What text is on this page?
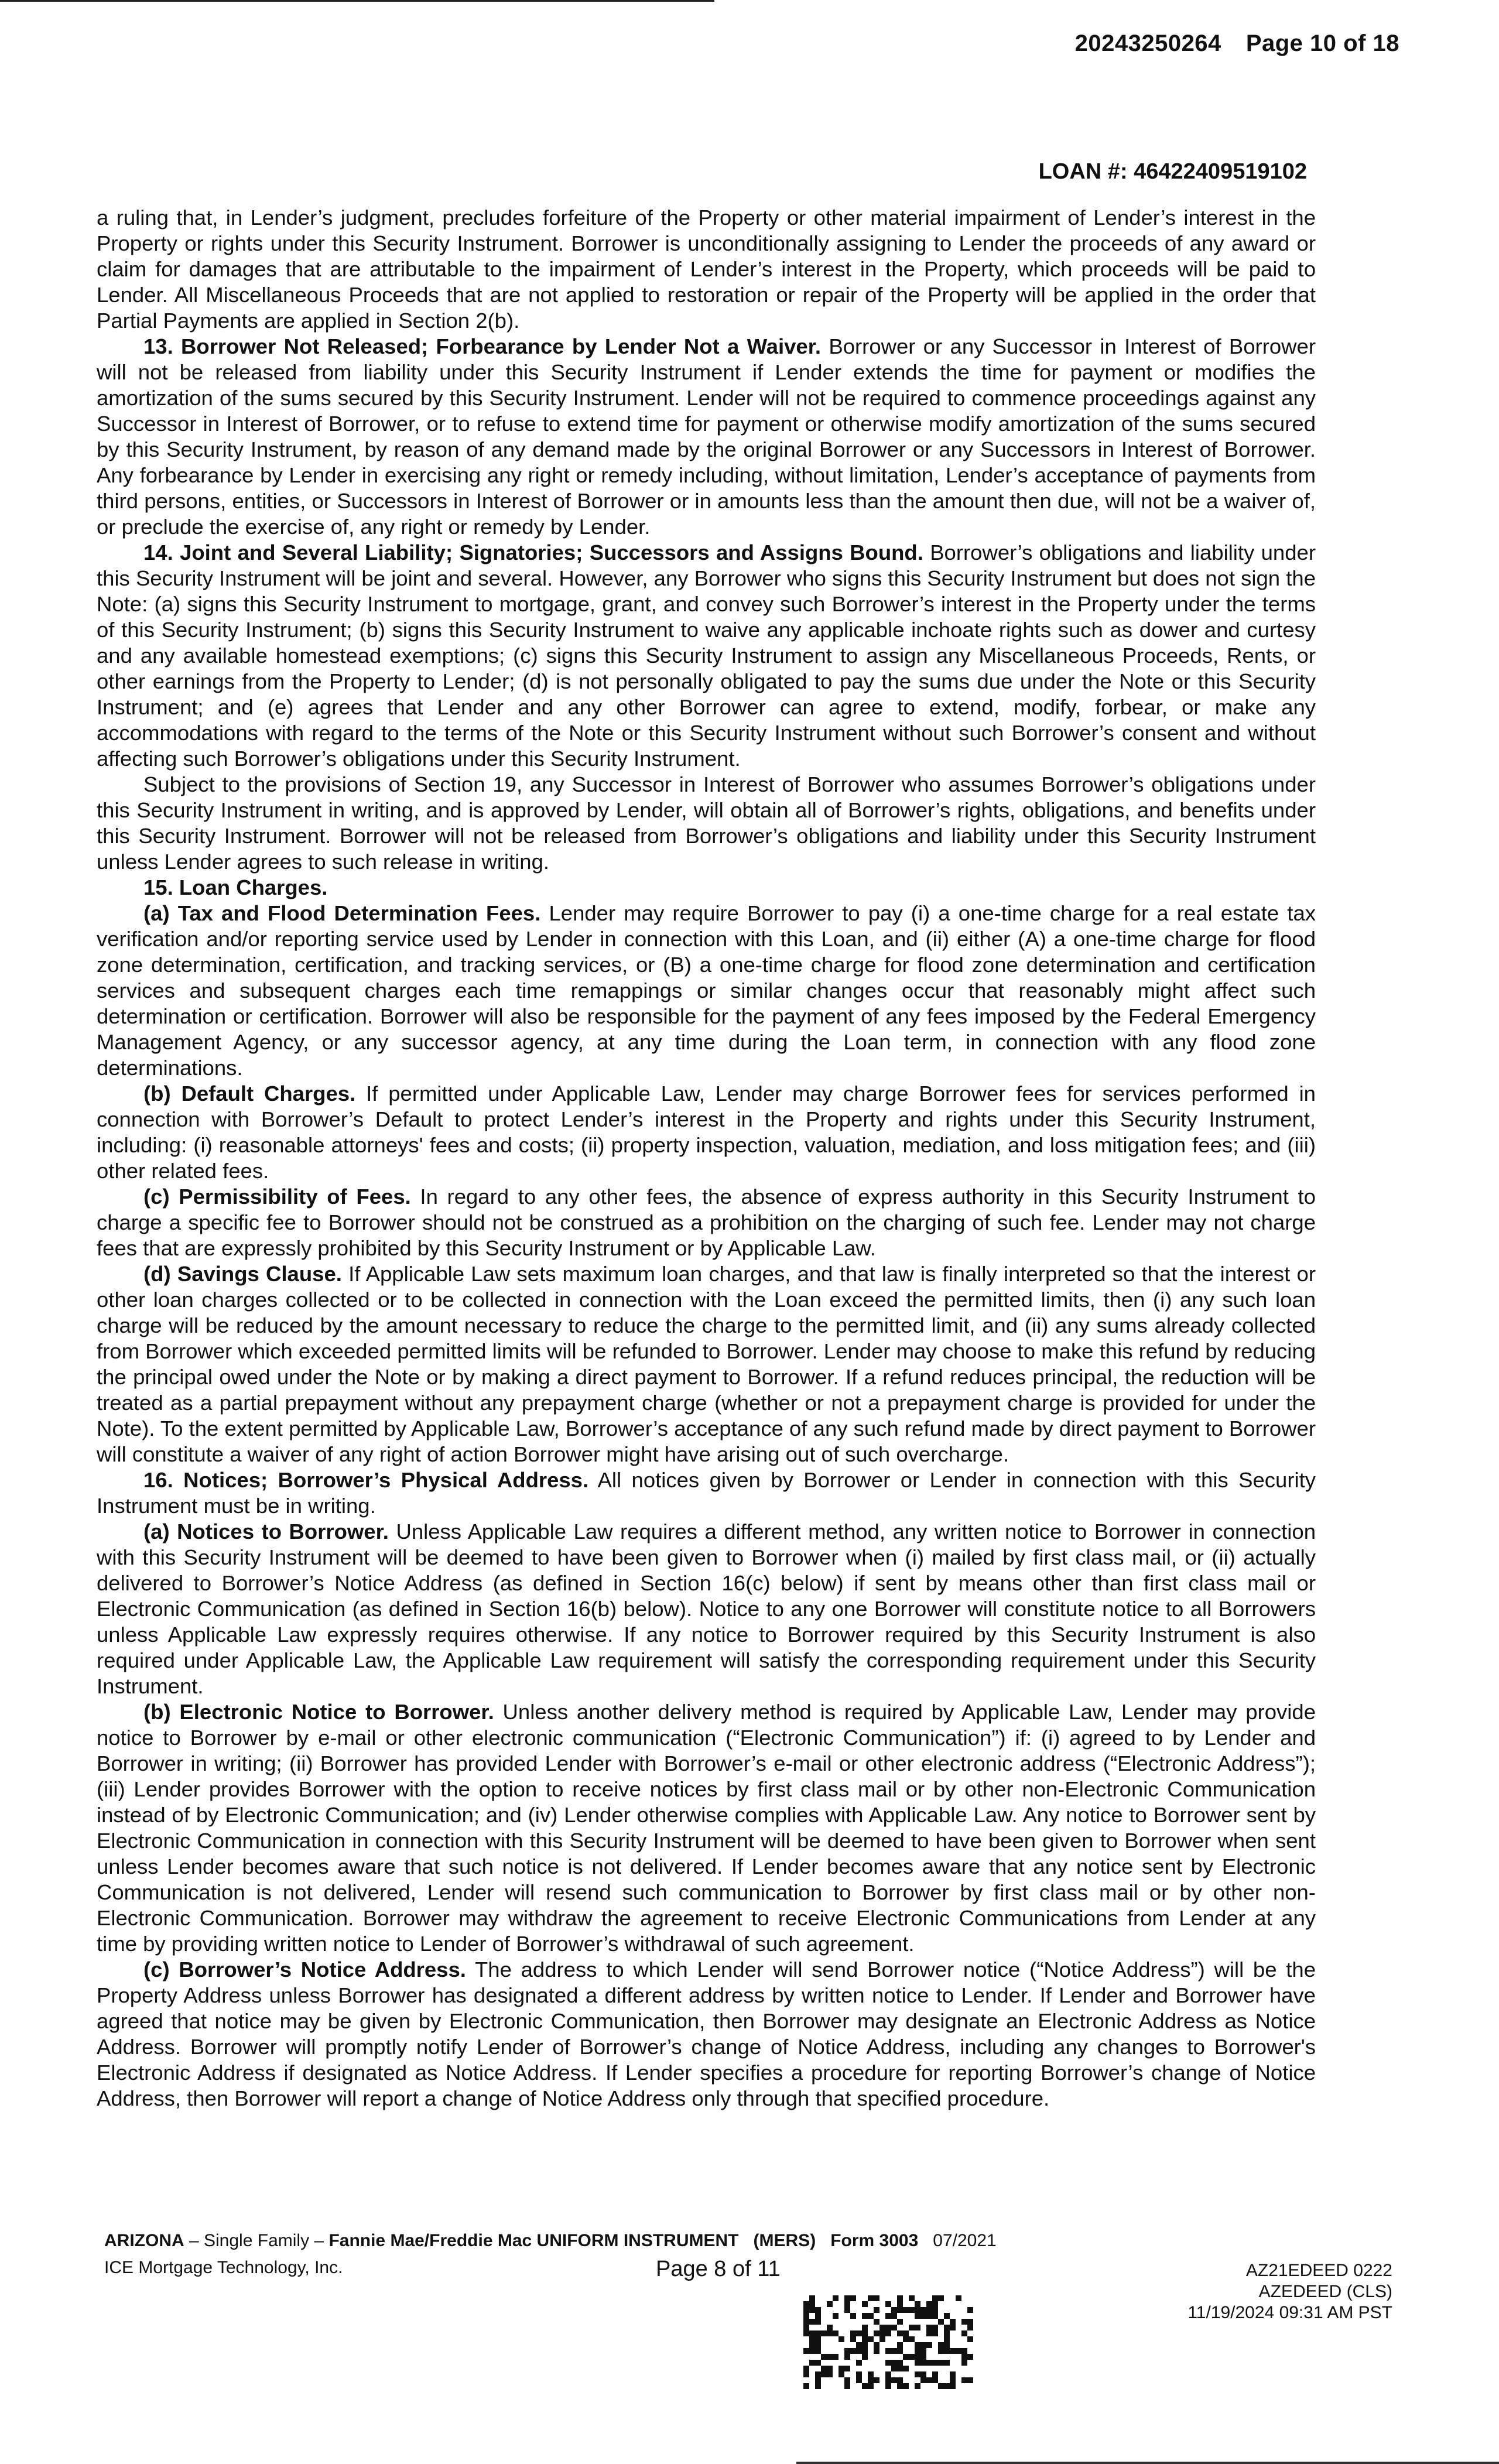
20243250264 Page 10 of 18
LOAN #: 46422409519102

a ruling that, in Lender’s judgment, precludes forfeiture of the Property or other material impairment of Lender’s interest in the Property or rights under this Security Instrument. Borrower is unconditionally assigning to Lender the proceeds of any award or claim for damages that are attributable to the impairment of Lender’s interest in the Property, which proceeds will be paid to Lender. All Miscellaneous Proceeds that are not applied to restoration or repair of the Property will be applied in the order that Partial Payments are applied in Section 2(b).

13. Borrower Not Released; Forbearance by Lender Not a Waiver. Borrower or any Successor in Interest of Borrower will not be released from liability under this Security Instrument if Lender extends the time for payment or modifies the amortization of the sums secured by this Security Instrument. Lender will not be required to commence proceedings against any Successor in Interest of Borrower, or to refuse to extend time for payment or otherwise modify amortization of the sums secured by this Security Instrument, by reason of any demand made by the original Borrower or any Successors in Interest of Borrower. Any forbearance by Lender in exercising any right or remedy including, without limitation, Lender’s acceptance of payments from third persons, entities, or Successors in Interest of Borrower or in amounts less than the amount then due, will not be a waiver of, or preclude the exercise of, any right or remedy by Lender.

14. Joint and Several Liability; Signatories; Successors and Assigns Bound. Borrower’s obligations and liability under this Security Instrument will be joint and several. However, any Borrower who signs this Security Instrument but does not sign the Note: (a) signs this Security Instrument to mortgage, grant, and convey such Borrower’s interest in the Property under the terms of this Security Instrument; (b) signs this Security Instrument to waive any applicable inchoate rights such as dower and curtesy and any available homestead exemptions; (c) signs this Security Instrument to assign any Miscellaneous Proceeds, Rents, or other earnings from the Property to Lender; (d) is not personally obligated to pay the sums due under the Note or this Security Instrument; and (e) agrees that Lender and any other Borrower can agree to extend, modify, forbear, or make any accommodations with regard to the terms of the Note or this Security Instrument without such Borrower’s consent and without affecting such Borrower’s obligations under this Security Instrument.

Subject to the provisions of Section 19, any Successor in Interest of Borrower who assumes Borrower’s obligations under this Security Instrument in writing, and is approved by Lender, will obtain all of Borrower’s rights, obligations, and benefits under this Security Instrument. Borrower will not be released from Borrower’s obligations and liability under this Security Instrument unless Lender agrees to such release in writing.

15. Loan Charges.

(a) Tax and Flood Determination Fees. Lender may require Borrower to pay (i) a one-time charge for a real estate tax verification and/or reporting service used by Lender in connection with this Loan, and (ii) either (A) a one-time charge for flood zone determination, certification, and tracking services, or (B) a one-time charge for flood zone determination and certification services and subsequent charges each time remappings or similar changes occur that reasonably might affect such determination or certification. Borrower will also be responsible for the payment of any fees imposed by the Federal Emergency Management Agency, or any successor agency, at any time during the Loan term, in connection with any flood zone determinations.

(b) Default Charges. If permitted under Applicable Law, Lender may charge Borrower fees for services performed in connection with Borrower’s Default to protect Lender’s interest in the Property and rights under this Security Instrument, including: (i) reasonable attorneys' fees and costs; (ii) property inspection, valuation, mediation, and loss mitigation fees; and (iii) other related fees.

(c) Permissibility of Fees. In regard to any other fees, the absence of express authority in this Security Instrument to charge a specific fee to Borrower should not be construed as a prohibition on the charging of such fee. Lender may not charge fees that are expressly prohibited by this Security Instrument or by Applicable Law.

(d) Savings Clause. If Applicable Law sets maximum loan charges, and that law is finally interpreted so that the interest or other loan charges collected or to be collected in connection with the Loan exceed the permitted limits, then (i) any such loan charge will be reduced by the amount necessary to reduce the charge to the permitted limit, and (ii) any sums already collected from Borrower which exceeded permitted limits will be refunded to Borrower. Lender may choose to make this refund by reducing the principal owed under the Note or by making a direct payment to Borrower. If a refund reduces principal, the reduction will be treated as a partial prepayment without any prepayment charge (whether or not a prepayment charge is provided for under the Note). To the extent permitted by Applicable Law, Borrower’s acceptance of any such refund made by direct payment to Borrower will constitute a waiver of any right of action Borrower might have arising out of such overcharge.

16. Notices; Borrower’s Physical Address. All notices given by Borrower or Lender in connection with this Security Instrument must be in writing.

(a) Notices to Borrower. Unless Applicable Law requires a different method, any written notice to Borrower in connection with this Security Instrument will be deemed to have been given to Borrower when (i) mailed by first class mail, or (ii) actually delivered to Borrower’s Notice Address (as defined in Section 16(c) below) if sent by means other than first class mail or Electronic Communication (as defined in Section 16(b) below). Notice to any one Borrower will constitute notice to all Borrowers unless Applicable Law expressly requires otherwise. If any notice to Borrower required by this Security Instrument is also required under Applicable Law, the Applicable Law requirement will satisfy the corresponding requirement under this Security Instrument.

(b) Electronic Notice to Borrower. Unless another delivery method is required by Applicable Law, Lender may provide notice to Borrower by e-mail or other electronic communication (“Electronic Communication”) if: (i) agreed to by Lender and Borrower in writing; (ii) Borrower has provided Lender with Borrower’s e-mail or other electronic address (“Electronic Address”); (iii) Lender provides Borrower with the option to receive notices by first class mail or by other non-Electronic Communication instead of by Electronic Communication; and (iv) Lender otherwise complies with Applicable Law. Any notice to Borrower sent by Electronic Communication in connection with this Security Instrument will be deemed to have been given to Borrower when sent unless Lender becomes aware that such notice is not delivered. If Lender becomes aware that any notice sent by Electronic Communication is not delivered, Lender will resend such communication to Borrower by first class mail or by other non-Electronic Communication. Borrower may withdraw the agreement to receive Electronic Communications from Lender at any time by providing written notice to Lender of Borrower’s withdrawal of such agreement.

(c) Borrower’s Notice Address. The address to which Lender will send Borrower notice (“Notice Address”) will be the Property Address unless Borrower has designated a different address by written notice to Lender. If Lender and Borrower have agreed that notice may be given by Electronic Communication, then Borrower may designate an Electronic Address as Notice Address. Borrower will promptly notify Lender of Borrower’s change of Notice Address, including any changes to Borrower's Electronic Address if designated as Notice Address. If Lender specifies a procedure for reporting Borrower’s change of Notice Address, then Borrower will report a change of Notice Address only through that specified procedure.

ARIZONA – Single Family – Fannie Mae/Freddie Mac UNIFORM INSTRUMENT (MERS) Form 3003 07/2021
ICE Mortgage Technology, Inc.	Page 8 of 11	AZ21EDEED 0222
AZEDEED (CLS)
11/19/2024 09:31 AM PST
